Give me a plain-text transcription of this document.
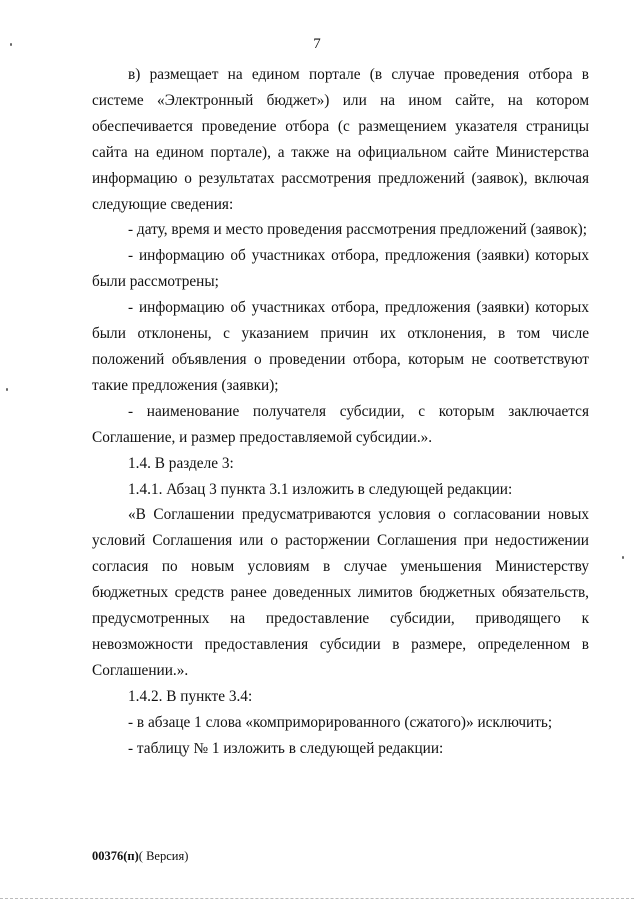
7

в) размещает на едином портале (в случае проведения отбора в системе «Электронный бюджет») или на ином сайте, на котором обеспечивается проведение отбора (с размещением указателя страницы сайта на едином портале), а также на официальном сайте Министерства информацию о результатах рассмотрения предложений (заявок), включая следующие сведения:

- дату, время и место проведения рассмотрения предложений (заявок);

- информацию об участниках отбора, предложения (заявки) которых были рассмотрены;

- информацию об участниках отбора, предложения (заявки) которых были отклонены, с указанием причин их отклонения, в том числе положений объявления о проведении отбора, которым не соответствуют такие предложения (заявки);

- наименование получателя субсидии, с которым заключается Соглашение, и размер предоставляемой субсидии.».

1.4. В разделе 3:

1.4.1. Абзац 3 пункта 3.1 изложить в следующей редакции:

«В Соглашении предусматриваются условия о согласовании новых условий Соглашения или о расторжении Соглашения при недостижении согласия по новым условиям в случае уменьшения Министерству бюджетных средств ранее доведенных лимитов бюджетных обязательств, предусмотренных на предоставление субсидии, приводящего к невозможности предоставления субсидии в размере, определенном в Соглашении.».

1.4.2. В пункте 3.4:

- в абзаце 1 слова «комприморированного (сжатого)» исключить;

- таблицу № 1 изложить в следующей редакции:

00376(п)( Версия)
